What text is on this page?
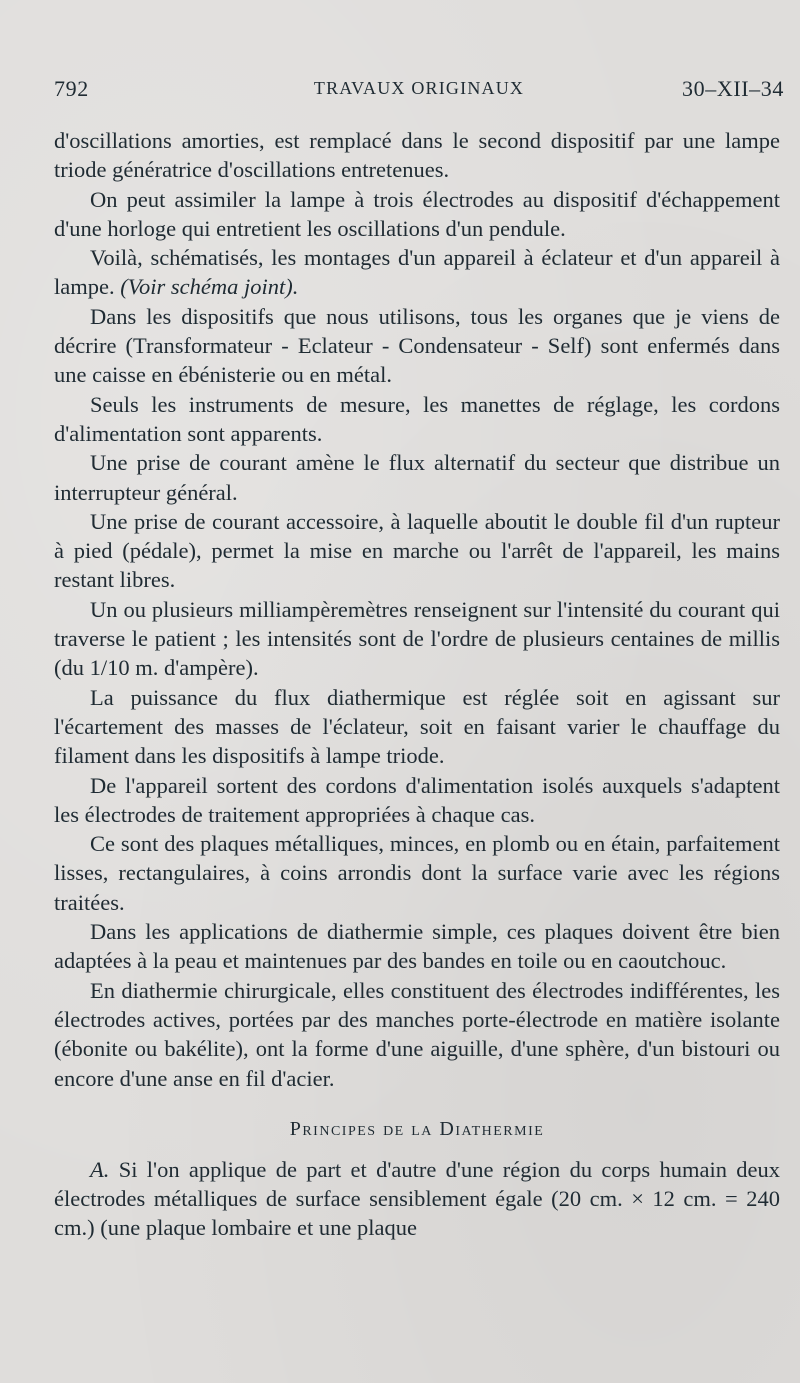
792	TRAVAUX ORIGINAUX	30–XII–34

d'oscillations amorties, est remplacé dans le second dispositif par une lampe triode génératrice d'oscillations entretenues.

On peut assimiler la lampe à trois électrodes au dispositif d'échappement d'une horloge qui entretient les oscillations d'un pendule.

Voilà, schématisés, les montages d'un appareil à éclateur et d'un appareil à lampe. (Voir schéma joint).

Dans les dispositifs que nous utilisons, tous les organes que je viens de décrire (Transformateur - Eclateur - Condensateur - Self) sont enfermés dans une caisse en ébénisterie ou en métal.

Seuls les instruments de mesure, les manettes de réglage, les cordons d'alimentation sont apparents.

Une prise de courant amène le flux alternatif du secteur que distribue un interrupteur général.

Une prise de courant accessoire, à laquelle aboutit le double fil d'un rupteur à pied (pédale), permet la mise en marche ou l'arrêt de l'appareil, les mains restant libres.

Un ou plusieurs milliampèremètres renseignent sur l'intensité du courant qui traverse le patient ; les intensités sont de l'ordre de plusieurs centaines de millis (du 1/10 m. d'ampère).

La puissance du flux diathermique est réglée soit en agissant sur l'écartement des masses de l'éclateur, soit en faisant varier le chauffage du filament dans les dispositifs à lampe triode.

De l'appareil sortent des cordons d'alimentation isolés auxquels s'adaptent les électrodes de traitement appropriées à chaque cas.

Ce sont des plaques métalliques, minces, en plomb ou en étain, parfaitement lisses, rectangulaires, à coins arrondis dont la surface varie avec les régions traitées.

Dans les applications de diathermie simple, ces plaques doivent être bien adaptées à la peau et maintenues par des bandes en toile ou en caoutchouc.

En diathermie chirurgicale, elles constituent des électrodes indifférentes, les électrodes actives, portées par des manches porte-électrode en matière isolante (ébonite ou bakélite), ont la forme d'une aiguille, d'une sphère, d'un bistouri ou encore d'une anse en fil d'acier.

Principes de la Diathermie

A. Si l'on applique de part et d'autre d'une région du corps humain deux électrodes métalliques de surface sensiblement égale (20 cm. × 12 cm. = 240 cm.) (une plaque lombaire et une plaque
